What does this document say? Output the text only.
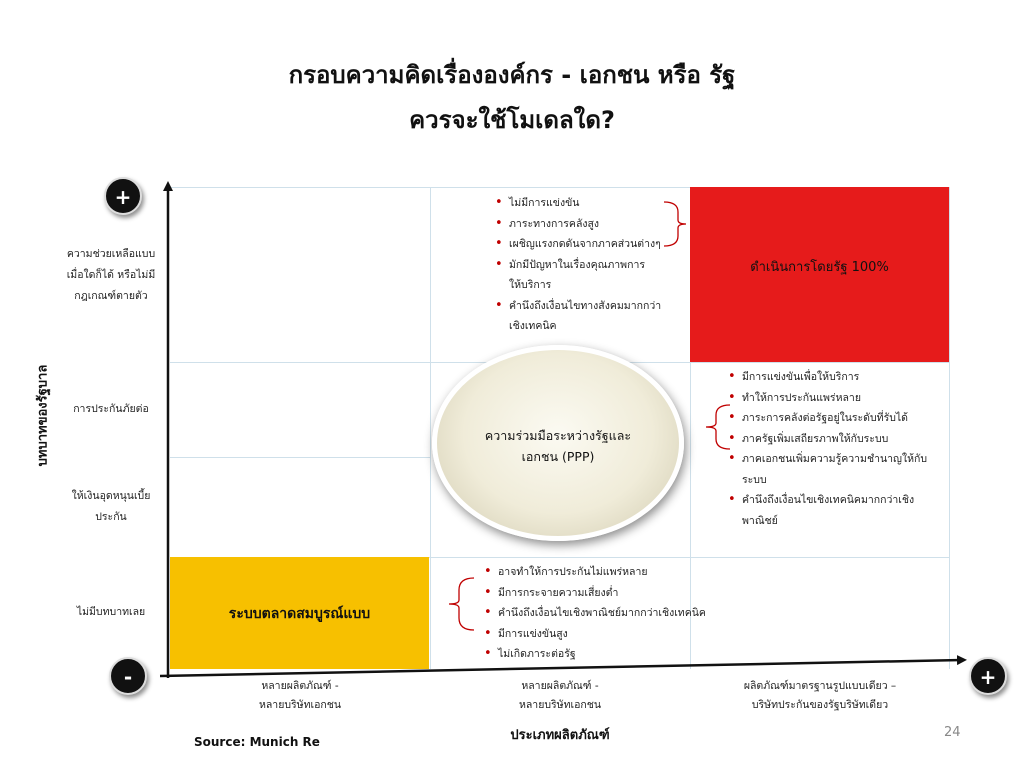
กรอบความคิดเรื่ององค์กร - เอกชน หรือ รัฐ
ควรจะใช้โมเดลใด?
ดำเนินการโดยรัฐ 100%
ระบบตลาดสมบูรณ์แบบ
+
-	+
บทบาทของรัฐบาล
ความช่วยเหลือแบบ
เมื่อใดก็ได้ หรือไม่มี
กฎเกณฑ์ตายตัว
การประกันภัยต่อ
ให้เงินอุดหนุนเบี้ย
ประกัน
ไม่มีบทบาทเลย
หลายผลิตภัณฑ์ -
หลายบริษัทเอกชน
หลายผลิตภัณฑ์ -
หลายบริษัทเอกชน
ผลิตภัณฑ์มาตรฐานรูปแบบเดียว –
บริษัทประกันของรัฐบริษัทเดียว
ประเภทผลิตภัณฑ์
• ไม่มีการแข่งขัน
• ภาระทางการคลังสูง
• เผชิญแรงกดดันจากภาคส่วนต่างๆ
• มักมีปัญหาในเรื่องคุณภาพการ
ให้บริการ
• คำนึงถึงเงื่อนไขทางสังคมมากกว่า
เชิงเทคนิค
• มีการแข่งขันเพื่อให้บริการ
• ทำให้การประกันแพร่หลาย
• ภาระการคลังต่อรัฐอยู่ในระดับที่รับได้
• ภาครัฐเพิ่มเสถียรภาพให้กับระบบ
• ภาคเอกชนเพิ่มความรู้ความชำนาญให้กับ
ระบบ
• คำนึงถึงเงื่อนไขเชิงเทคนิคมากกว่าเชิง
พาณิชย์
• อาจทำให้การประกันไม่แพร่หลาย
• มีการกระจายความเสี่ยงต่ำ
• คำนึงถึงเงื่อนไขเชิงพาณิชย์มากกว่าเชิงเทคนิค
• มีการแข่งขันสูง
• ไม่เกิดภาระต่อรัฐ
ความร่วมมือระหว่างรัฐและ
เอกชน (PPP)
Source: Munich Re
24
